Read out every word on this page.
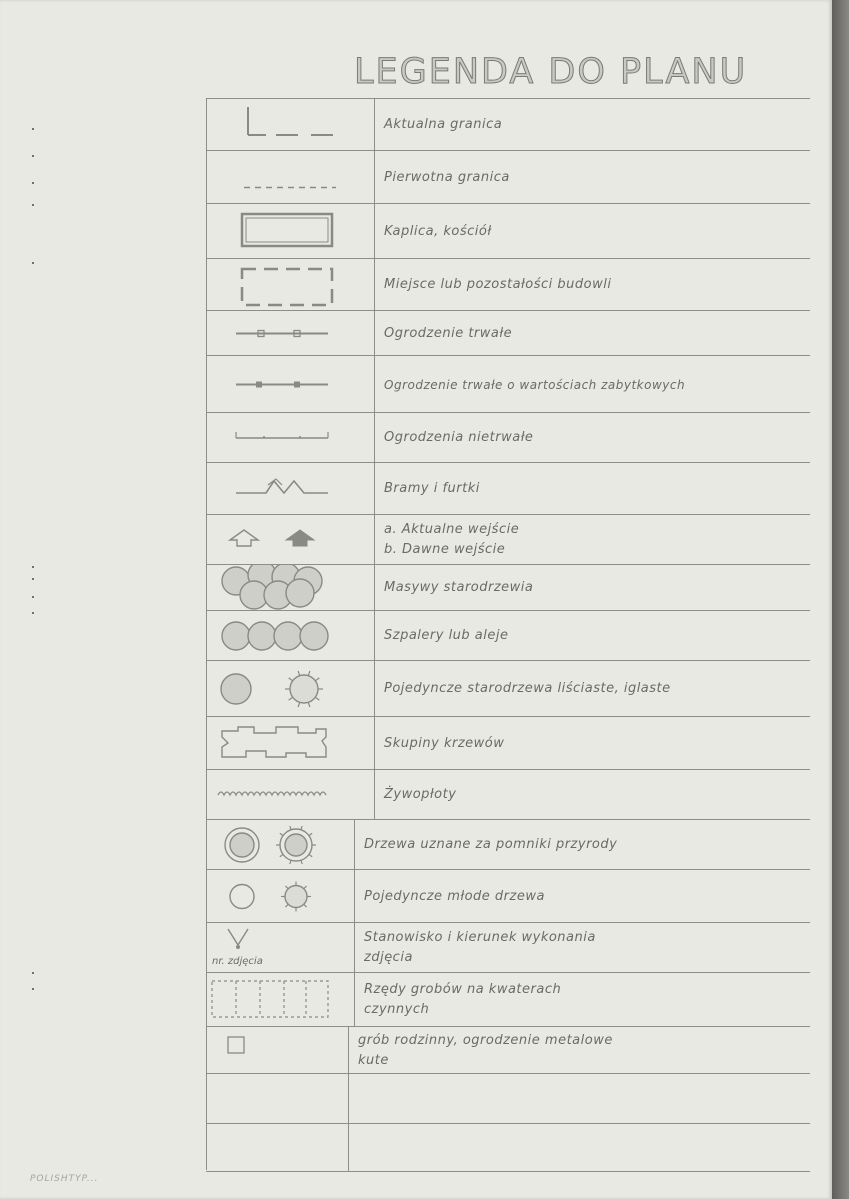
LEGENDA DO PLANU
Aktualna granica
Pierwotna granica
Kaplica, kościół
Miejsce lub pozostałości budowli
Ogrodzenie trwałe
Ogrodzenie trwałe o wartościach zabytkowych
Ogrodzenia nietrwałe
Bramy i furtki
a. Aktualne wejście
b. Dawne wejście
Masywy starodrzewia
Szpalery lub aleje
Pojedyncze starodrzewa liściaste, iglaste
Skupiny krzewów
Żywopłoty
Drzewa uznane za pomniki przyrody
Pojedyncze młode drzewa
nr. zdjęcia
Stanowisko i kierunek wykonania
zdjęcia
Rzędy grobów na kwaterach
czynnych
grób rodzinny, ogrodzenie metalowe
kute
POLISHTYP...
